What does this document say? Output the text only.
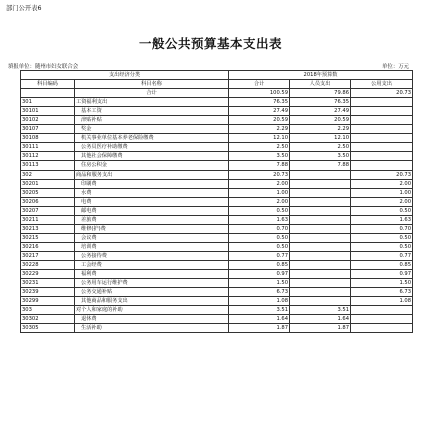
部门公开表6
一般公共预算基本支出表
填报单位：随州市妇女联合会	单位：万元
支出经济分类		2018年预算数		
科目编码	科目名称	合计	人员支出	公用支出
	合计	100.59	79.86	20.73
301	工资福利支出	76.35	76.35	
30101	基本工资	27.49	27.49	
30102	津贴补贴	20.59	20.59	
30107	奖金	2.29	2.29	
30108	机关事业单位基本养老保险缴费	12.10	12.10	
30111	公务员医疗补助缴费	2.50	2.50	
30112	其他社会保障缴费	3.50	3.50	
30113	住房公积金	7.88	7.88	
302	商品和服务支出	20.73		20.73
30201	印刷费	2.00		2.00
30205	水费	1.00		1.00
30206	电费	2.00		2.00
30207	邮电费	0.50		0.50
30211	差旅费	1.63		1.63
30213	维修(护)费	0.70		0.70
30215	会议费	0.50		0.50
30216	培训费	0.50		0.50
30217	公务接待费	0.77		0.77
30228	工会经费	0.85		0.85
30229	福利费	0.97		0.97
30231	公务用车运行维护费	1.50		1.50
30239	公务交通补贴	6.73		6.73
30299	其他商品和服务支出	1.08		1.08
303	对个人和家庭的补助	3.51	3.51	
30302	退休费	1.64	1.64	
30305	生活补助	1.87	1.87	
